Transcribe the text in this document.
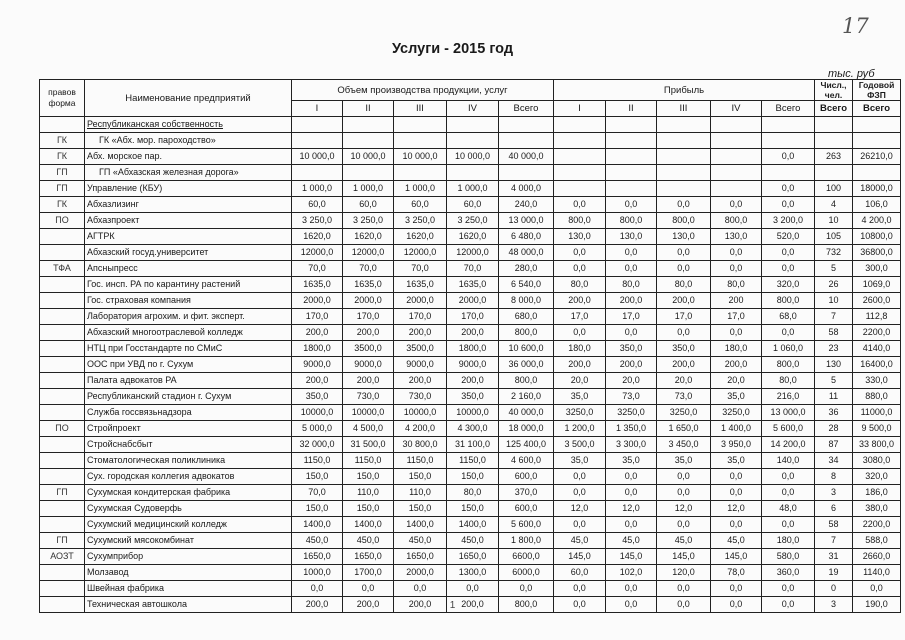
17
Услуги - 2015 год
тыс. руб
правов форма	Наименование предприятий	Объем производства продукции, услуг					Прибыль					Числ., чел.	Годовой ФЗП
		I	II	III	IV	Всего	I	II	III	IV	Всего	Всего	Всего
	Республиканская собственность												
ГК	ГК «Абх. мор. пароходство»												
ГК	Абх. морское пар.	10 000,0	10 000,0	10 000,0	10 000,0	40 000,0					0,0	263	26210,0
ГП	ГП «Абхазская железная дорога»												
ГП	Управление (КБУ)	1 000,0	1 000,0	1 000,0	1 000,0	4 000,0					0,0	100	18000,0
ГК	Абхазлизинг	60,0	60,0	60,0	60,0	240,0	0,0	0,0	0,0	0,0	0,0	4	106,0
ПО	Абхазпроект	3 250,0	3 250,0	3 250,0	3 250,0	13 000,0	800,0	800,0	800,0	800,0	3 200,0	10	4 200,0
	АГТРК	1620,0	1620,0	1620,0	1620,0	6 480,0	130,0	130,0	130,0	130,0	520,0	105	10800,0
	Абхазский госуд.университет	12000,0	12000,0	12000,0	12000,0	48 000,0	0,0	0,0	0,0	0,0	0,0	732	36800,0
ТФА	Апсныпресс	70,0	70,0	70,0	70,0	280,0	0,0	0,0	0,0	0,0	0,0	5	300,0
	Гос. инсп. РА по карантину растений	1635,0	1635,0	1635,0	1635,0	6 540,0	80,0	80,0	80,0	80,0	320,0	26	1069,0
	Гос. страховая компания	2000,0	2000,0	2000,0	2000,0	8 000,0	200,0	200,0	200,0	200	800,0	10	2600,0
	Лаборатория агрохим. и фит. эксперт.	170,0	170,0	170,0	170,0	680,0	17,0	17,0	17,0	17,0	68,0	7	112,8
	Абхазский многоотраслевой колледж	200,0	200,0	200,0	200,0	800,0	0,0	0,0	0,0	0,0	0,0	58	2200,0
	НТЦ при Госстандарте по СМиС	1800,0	3500,0	3500,0	1800,0	10 600,0	180,0	350,0	350,0	180,0	1 060,0	23	4140,0
	ООС при УВД по г. Сухум	9000,0	9000,0	9000,0	9000,0	36 000,0	200,0	200,0	200,0	200,0	800,0	130	16400,0
	Палата адвокатов РА	200,0	200,0	200,0	200,0	800,0	20,0	20,0	20,0	20,0	80,0	5	330,0
	Республиканский стадион г. Сухум	350,0	730,0	730,0	350,0	2 160,0	35,0	73,0	73,0	35,0	216,0	11	880,0
	Служба госсвязьнадзора	10000,0	10000,0	10000,0	10000,0	40 000,0	3250,0	3250,0	3250,0	3250,0	13 000,0	36	11000,0
ПО	Стройпроект	5 000,0	4 500,0	4 200,0	4 300,0	18 000,0	1 200,0	1 350,0	1 650,0	1 400,0	5 600,0	28	9 500,0
	Стройснабсбыт	32 000,0	31 500,0	30 800,0	31 100,0	125 400,0	3 500,0	3 300,0	3 450,0	3 950,0	14 200,0	87	33 800,0
	Стоматологическая поликлиника	1150,0	1150,0	1150,0	1150,0	4 600,0	35,0	35,0	35,0	35,0	140,0	34	3080,0
	Сух. городская коллегия адвокатов	150,0	150,0	150,0	150,0	600,0	0,0	0,0	0,0	0,0	0,0	8	320,0
ГП	Сухумская кондитерская фабрика	70,0	110,0	110,0	80,0	370,0	0,0	0,0	0,0	0,0	0,0	3	186,0
	Сухумская Судоверфь	150,0	150,0	150,0	150,0	600,0	12,0	12,0	12,0	12,0	48,0	6	380,0
	Сухумский медицинский колледж	1400,0	1400,0	1400,0	1400,0	5 600,0	0,0	0,0	0,0	0,0	0,0	58	2200,0
ГП	Сухумский мясокомбинат	450,0	450,0	450,0	450,0	1 800,0	45,0	45,0	45,0	45,0	180,0	7	588,0
АОЗТ	Сухумприбор	1650,0	1650,0	1650,0	1650,0	6600,0	145,0	145,0	145,0	145,0	580,0	31	2660,0
	Молзавод	1000,0	1700,0	2000,0	1300,0	6000,0	60,0	102,0	120,0	78,0	360,0	19	1140,0
	Швейная фабрика	0,0	0,0	0,0	0,0	0,0	0,0	0,0	0,0	0,0	0,0	0	0,0
	Техническая автошкола	200,0	200,0	200,0	200,0	800,0	0,0	0,0	0,0	0,0	0,0	3	190,0
1
